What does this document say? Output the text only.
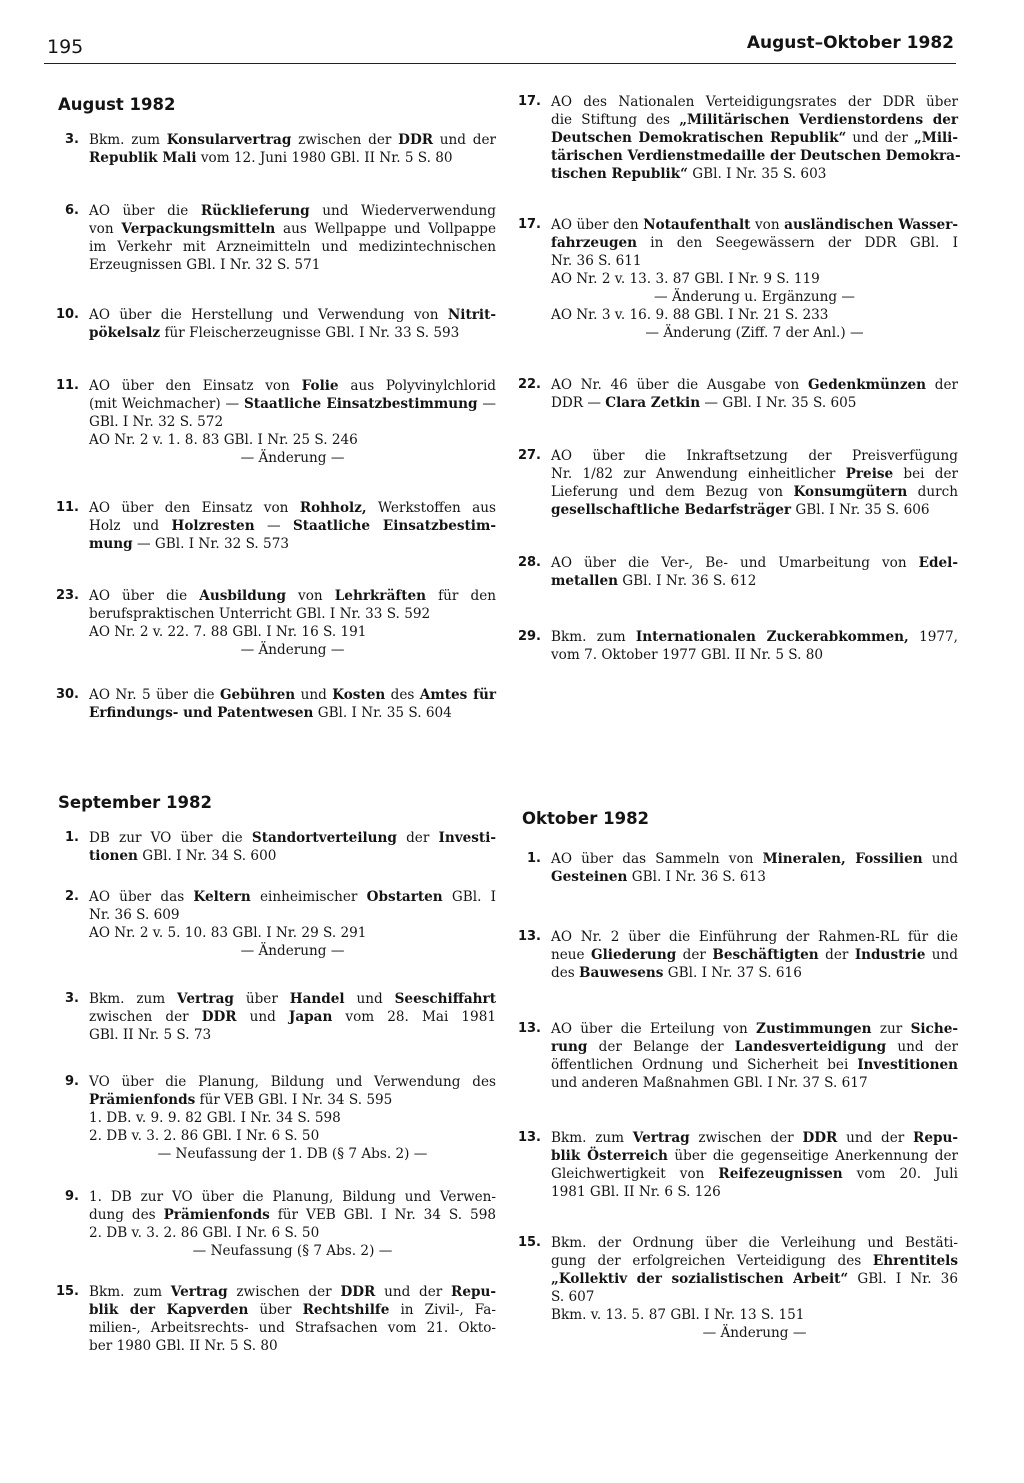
195	August–Oktober 1982
August 1982
September 1982
Oktober 1982
3. Bkm. zum Konsularvertrag zwischen der DDR und der
Republik Mali vom 12. Juni 1980 GBl. II Nr. 5 S. 80
6. AO über die Rücklieferung und Wiederverwendung
von Verpackungsmitteln aus Wellpappe und Vollpappe
im Verkehr mit Arzneimitteln und medizintechnischen
Erzeugnissen GBl. I Nr. 32 S. 571
10. AO über die Herstellung und Verwendung von Nitrit-
pökelsalz für Fleischerzeugnisse GBl. I Nr. 33 S. 593
11. AO über den Einsatz von Folie aus Polyvinylchlorid
(mit Weichmacher) — Staatliche Einsatzbestimmung —
GBl. I Nr. 32 S. 572
AO Nr. 2 v. 1. 8. 83 GBl. I Nr. 25 S. 246
— Änderung —
11. AO über den Einsatz von Rohholz, Werkstoffen aus
Holz und Holzresten — Staatliche Einsatzbestim-
mung — GBl. I Nr. 32 S. 573
23. AO über die Ausbildung von Lehrkräften für den
berufspraktischen Unterricht GBl. I Nr. 33 S. 592
AO Nr. 2 v. 22. 7. 88 GBl. I Nr. 16 S. 191
— Änderung —
30. AO Nr. 5 über die Gebühren und Kosten des Amtes für
Erfindungs- und Patentwesen GBl. I Nr. 35 S. 604
17. AO des Nationalen Verteidigungsrates der DDR über
die Stiftung des „Militärischen Verdienstordens der
Deutschen Demokratischen Republik“ und der „Mili-
tärischen Verdienstmedaille der Deutschen Demokra-
tischen Republik“ GBl. I Nr. 35 S. 603
17. AO über den Notaufenthalt von ausländischen Wasser-
fahrzeugen in den Seegewässern der DDR GBl. I
Nr. 36 S. 611
AO Nr. 2 v. 13. 3. 87 GBl. I Nr. 9 S. 119
— Änderung u. Ergänzung —
AO Nr. 3 v. 16. 9. 88 GBl. I Nr. 21 S. 233
— Änderung (Ziff. 7 der Anl.) —
22. AO Nr. 46 über die Ausgabe von Gedenkmünzen der
DDR — Clara Zetkin — GBl. I Nr. 35 S. 605
27. AO über die Inkraftsetzung der Preisverfügung
Nr. 1/82 zur Anwendung einheitlicher Preise bei der
Lieferung und dem Bezug von Konsumgütern durch
gesellschaftliche Bedarfsträger GBl. I Nr. 35 S. 606
28. AO über die Ver-, Be- und Umarbeitung von Edel-
metallen GBl. I Nr. 36 S. 612
29. Bkm. zum Internationalen Zuckerabkommen, 1977,
vom 7. Oktober 1977 GBl. II Nr. 5 S. 80
1. DB zur VO über die Standortverteilung der Investi-
tionen GBl. I Nr. 34 S. 600
2. AO über das Keltern einheimischer Obstarten GBl. I
Nr. 36 S. 609
AO Nr. 2 v. 5. 10. 83 GBl. I Nr. 29 S. 291
— Änderung —
3. Bkm. zum Vertrag über Handel und Seeschiffahrt
zwischen der DDR und Japan vom 28. Mai 1981
GBl. II Nr. 5 S. 73
9. VO über die Planung, Bildung und Verwendung des
Prämienfonds für VEB GBl. I Nr. 34 S. 595
1. DB. v. 9. 9. 82 GBl. I Nr. 34 S. 598
2. DB v. 3. 2. 86 GBl. I Nr. 6 S. 50
— Neufassung der 1. DB (§ 7 Abs. 2) —
9. 1. DB zur VO über die Planung, Bildung und Verwen-
dung des Prämienfonds für VEB GBl. I Nr. 34 S. 598
2. DB v. 3. 2. 86 GBl. I Nr. 6 S. 50
— Neufassung (§ 7 Abs. 2) —
15. Bkm. zum Vertrag zwischen der DDR und der Repu-
blik der Kapverden über Rechtshilfe in Zivil-, Fa-
milien-, Arbeitsrechts- und Strafsachen vom 21. Okto-
ber 1980 GBl. II Nr. 5 S. 80
1. AO über das Sammeln von Mineralen, Fossilien und
Gesteinen GBl. I Nr. 36 S. 613
13. AO Nr. 2 über die Einführung der Rahmen-RL für die
neue Gliederung der Beschäftigten der Industrie und
des Bauwesens GBl. I Nr. 37 S. 616
13. AO über die Erteilung von Zustimmungen zur Siche-
rung der Belange der Landesverteidigung und der
öffentlichen Ordnung und Sicherheit bei Investitionen
und anderen Maßnahmen GBl. I Nr. 37 S. 617
13. Bkm. zum Vertrag zwischen der DDR und der Repu-
blik Österreich über die gegenseitige Anerkennung der
Gleichwertigkeit von Reifezeugnissen vom 20. Juli
1981 GBl. II Nr. 6 S. 126
15. Bkm. der Ordnung über die Verleihung und Bestäti-
gung der erfolgreichen Verteidigung des Ehrentitels
„Kollektiv der sozialistischen Arbeit“ GBl. I Nr. 36
S. 607
Bkm. v. 13. 5. 87 GBl. I Nr. 13 S. 151
— Änderung —
